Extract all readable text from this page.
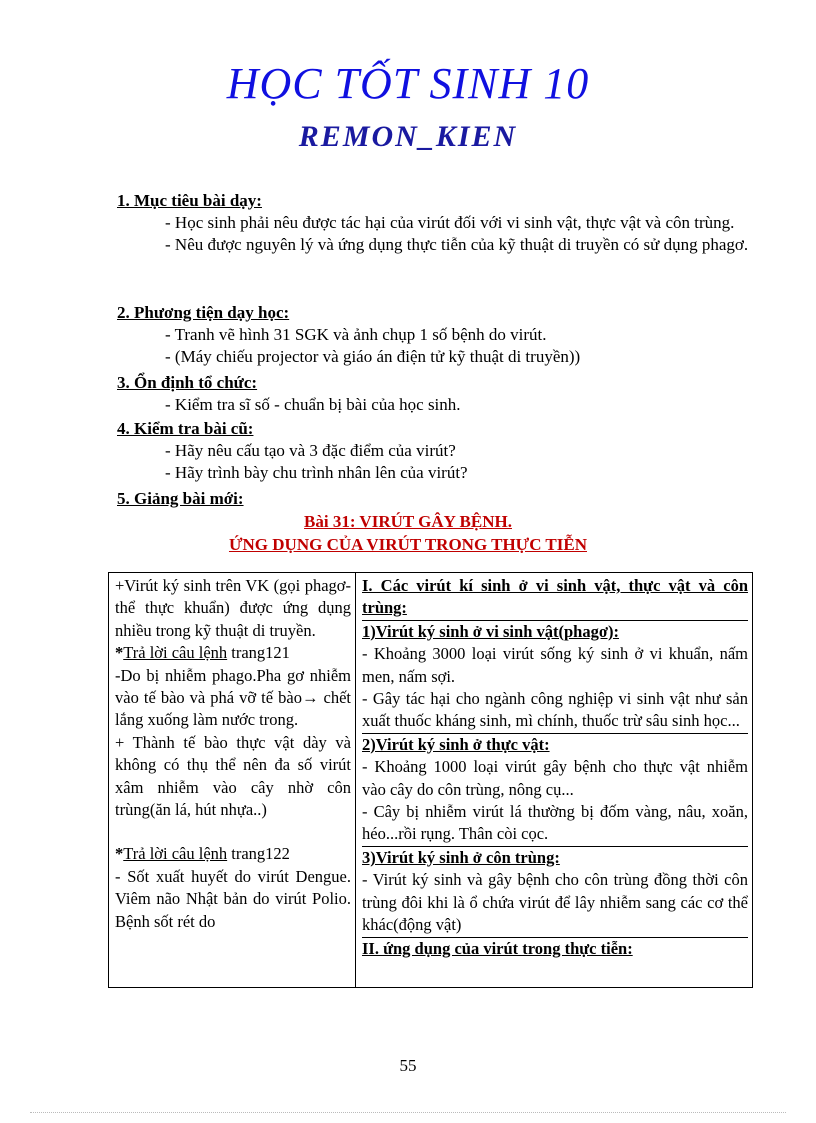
HỌC TỐT SINH 10
REMON_KIEN
1. Mục tiêu bài dạy:
- Học sinh phải nêu được tác hại của virút đối với vi sinh vật, thực vật và côn trùng.
- Nêu được nguyên lý và ứng dụng thực tiễn của kỹ thuật di truyền có sử dụng phagơ.
2. Phương tiện dạy học:
- Tranh vẽ hình 31 SGK và ảnh chụp 1 số bệnh do virút.
- (Máy chiếu projector và giáo án điện tử kỹ thuật di truyền))
3. Ổn định tổ chức:
- Kiểm tra sĩ số - chuẩn bị bài của học sinh.
4. Kiểm tra bài cũ:
- Hãy nêu cấu tạo và 3 đặc điểm của virút?
- Hãy trình bày chu trình nhân lên của virút?
5. Giảng bài mới:
Bài 31: VIRÚT GÂY BỆNH.
ỨNG DỤNG CỦA VIRÚT TRONG THỰC TIỄN
+Virút ký sinh trên VK (gọi phagơ-thể thực khuẩn) được ứng dụng nhiều trong kỹ thuật di truyền.
*Trả lời câu lệnh trang121
-Do bị nhiễm phago.Pha gơ nhiễm vào tế bào và phá vỡ tế bào→ chết lắng xuống làm nước trong.
+ Thành tế bào thực vật dày và không có thụ thể nên đa số virút xâm nhiễm vào cây nhờ côn trùng(ăn lá, hút nhựa..)
*Trả lời câu lệnh trang122
- Sốt xuất huyết do virút Dengue. Viêm não Nhật bản do virút Polio. Bệnh sốt rét do

I. Các virút kí sinh ở vi sinh vật, thực vật và côn trùng:
1)Virút ký sinh ở vi sinh vật(phagơ):
- Khoảng 3000 loại virút sống ký sinh ở vi khuẩn, nấm men, nấm sợi.
- Gây tác hại cho ngành công nghiệp vi sinh vật như sản xuất thuốc kháng sinh, mì chính, thuốc trừ sâu sinh học...
2)Virút ký sinh ở thực vật:
- Khoảng 1000 loại virút gây bệnh cho thực vật nhiễm vào cây do côn trùng, nông cụ...
- Cây bị nhiễm virút lá thường bị đốm vàng, nâu, xoăn, héo...rồi rụng. Thân còi cọc.
3)Virút ký sinh ở côn trùng:
- Virút ký sinh và gây bệnh cho côn trùng đồng thời côn trùng đôi khi là ổ chứa virút để lây nhiễm sang các cơ thể khác(động vật)
II. ứng dụng của virút trong thực tiễn:
55
